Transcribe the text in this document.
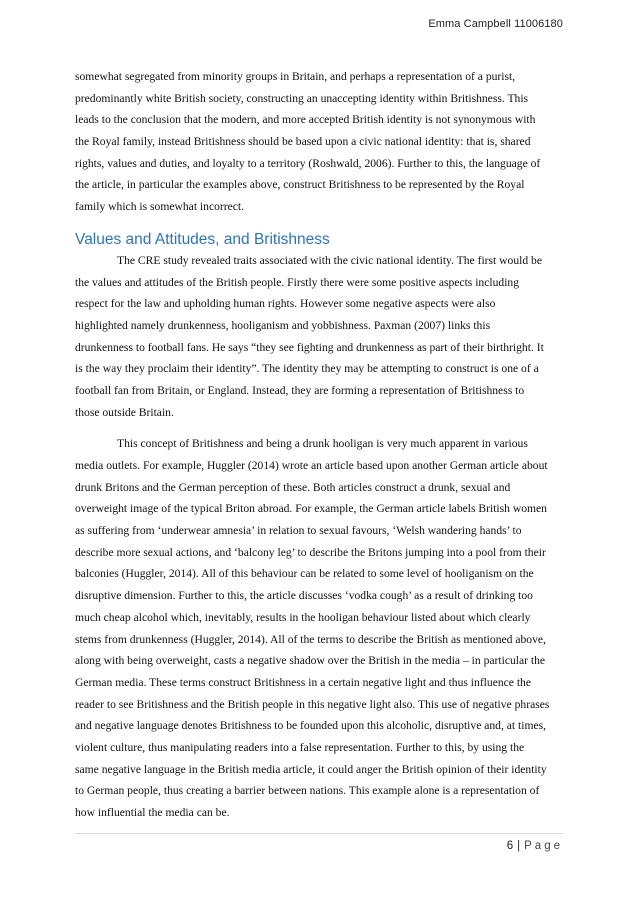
Emma Campbell 11006180
somewhat segregated from minority groups in Britain, and perhaps a representation of a purist,
predominantly white British society, constructing an unaccepting identity within Britishness. This
leads to the conclusion that the modern, and more accepted British identity is not synonymous with
the Royal family, instead Britishness should be based upon a civic national identity: that is, shared
rights, values and duties, and loyalty to a territory (Roshwald, 2006). Further to this, the language of
the article, in particular the examples above, construct Britishness to be represented by the Royal
family which is somewhat incorrect.
Values and Attitudes, and Britishness
The CRE study revealed traits associated with the civic national identity. The first would be
the values and attitudes of the British people. Firstly there were some positive aspects including
respect for the law and upholding human rights. However some negative aspects were also
highlighted namely drunkenness, hooliganism and yobbishness. Paxman (2007) links this
drunkenness to football fans. He says “they see fighting and drunkenness as part of their birthright. It
is the way they proclaim their identity”. The identity they may be attempting to construct is one of a
football fan from Britain, or England. Instead, they are forming a representation of Britishness to
those outside Britain.
This concept of Britishness and being a drunk hooligan is very much apparent in various
media outlets. For example, Huggler (2014) wrote an article based upon another German article about
drunk Britons and the German perception of these. Both articles construct a drunk, sexual and
overweight image of the typical Briton abroad. For example, the German article labels British women
as suffering from ‘underwear amnesia’ in relation to sexual favours, ‘Welsh wandering hands’ to
describe more sexual actions, and ‘balcony leg’ to describe the Britons jumping into a pool from their
balconies (Huggler, 2014). All of this behaviour can be related to some level of hooliganism on the
disruptive dimension. Further to this, the article discusses ‘vodka cough’ as a result of drinking too
much cheap alcohol which, inevitably, results in the hooligan behaviour listed about which clearly
stems from drunkenness (Huggler, 2014). All of the terms to describe the British as mentioned above,
along with being overweight, casts a negative shadow over the British in the media – in particular the
German media. These terms construct Britishness in a certain negative light and thus influence the
reader to see Britishness and the British people in this negative light also. This use of negative phrases
and negative language denotes Britishness to be founded upon this alcoholic, disruptive and, at times,
violent culture, thus manipulating readers into a false representation. Further to this, by using the
same negative language in the British media article, it could anger the British opinion of their identity
to German people, thus creating a barrier between nations. This example alone is a representation of
how influential the media can be.
6 | Page
